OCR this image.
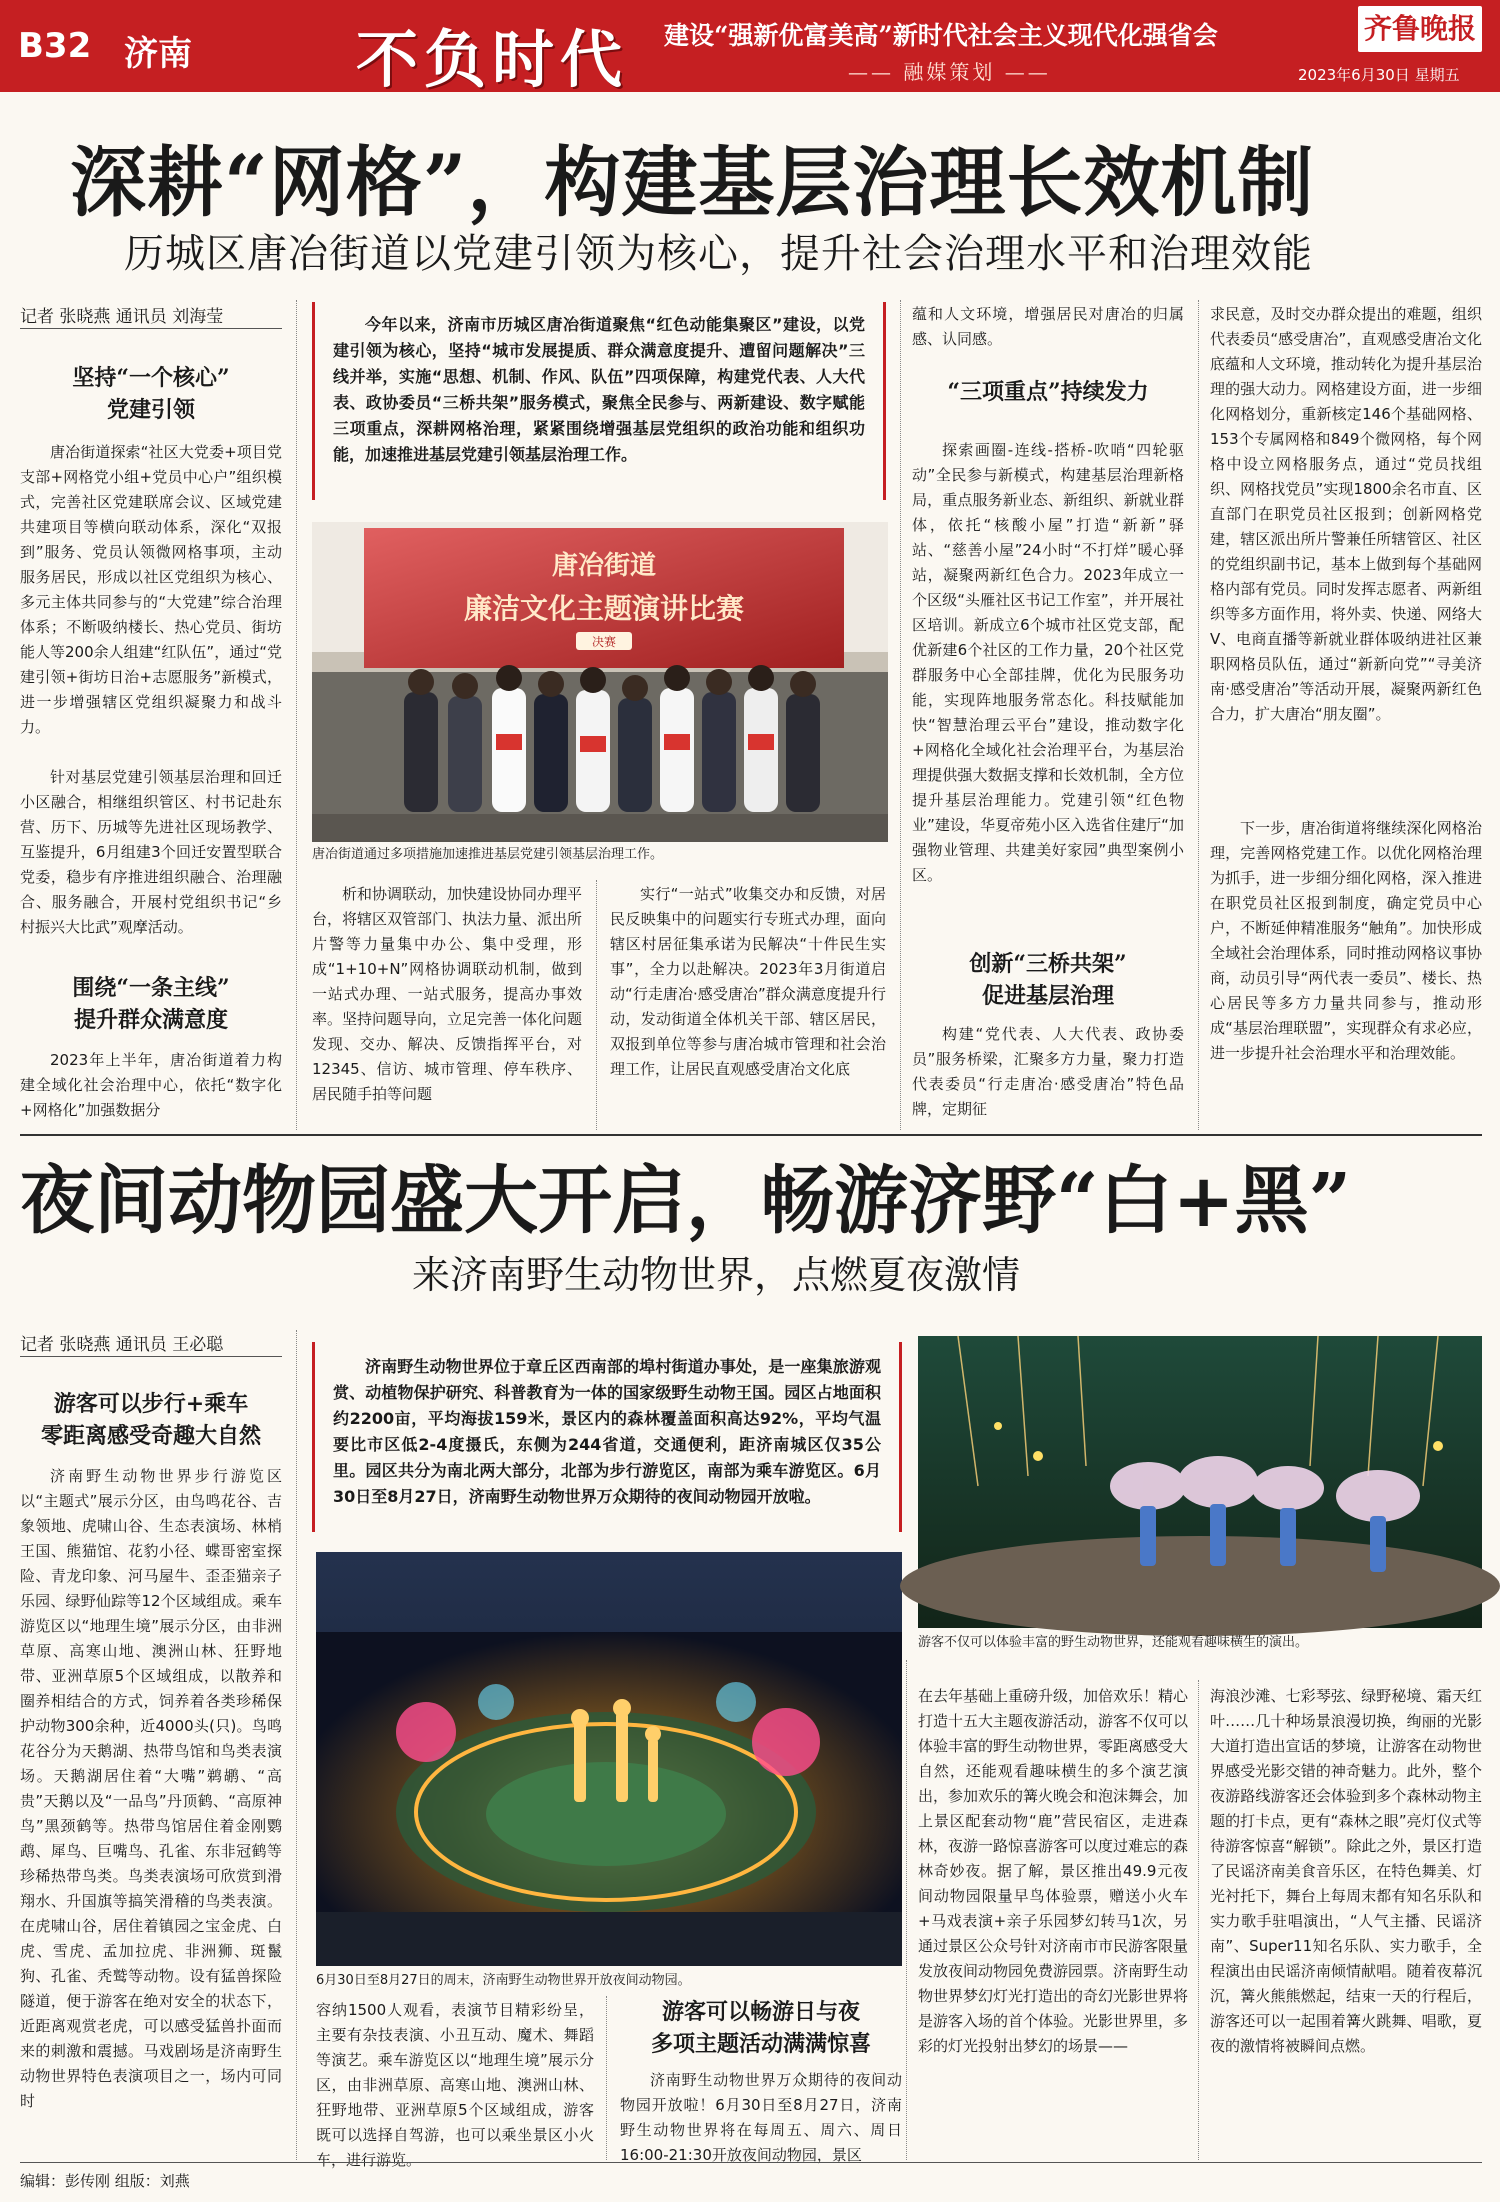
B32 济南	不负时代 建设“强新优富美高”新时代社会主义现代化强省会
—— 融媒策划 ——
齐鲁晚报
2023年6月30日 星期五
深耕“网格”，构建基层治理长效机制
历城区唐冶街道以党建引领为核心，提升社会治理水平和治理效能
记者 张晓燕 通讯员 刘海莹
坚持“一个核心”
党建引领
唐冶街道探索“社区大党委+项目党支部+网格党小组+党员中心户”组织模式，完善社区党建联席会议、区域党建共建项目等横向联动体系，深化“双报到”服务、党员认领微网格事项，主动服务居民，形成以社区党组织为核心、多元主体共同参与的“大党建”综合治理体系；不断吸纳楼长、热心党员、街坊能人等200余人组建“红队伍”，通过“党建引领+街坊日治+志愿服务”新模式，进一步增强辖区党组织凝聚力和战斗力。
针对基层党建引领基层治理和回迁小区融合，相继组织管区、村书记赴东营、历下、历城等先进社区现场教学、互鉴提升，6月组建3个回迁安置型联合党委，稳步有序推进组织融合、治理融合、服务融合，开展村党组织书记“乡村振兴大比武”观摩活动。
围绕“一条主线”
提升群众满意度
2023年上半年，唐冶街道着力构建全域化社会治理中心，依托“数字化+网格化”加强数据分
今年以来，济南市历城区唐冶街道聚焦“红色动能集聚区”建设，以党建引领为核心，坚持“城市发展提质、群众满意度提升、遭留问题解决”三线并举，实施“思想、机制、作风、队伍”四项保障，构建党代表、人大代表、政协委员“三桥共架”服务模式，聚焦全民参与、两新建设、数字赋能三项重点，深耕网格治理，紧紧围绕增强基层党组织的政治功能和组织功能，加速推进基层党建引领基层治理工作。
唐冶街道
廉洁文化主题演讲比赛
决赛
唐冶街道通过多项措施加速推进基层党建引领基层治理工作。
析和协调联动，加快建设协同办理平台，将辖区双管部门、执法力量、派出所片警等力量集中办公、集中受理，形成“1+10+N”网格协调联动机制，做到一站式办理、一站式服务，提高办事效率。坚持问题导向，立足完善一体化问题发现、交办、解决、反馈指挥平台，对12345、信访、城市管理、停车秩序、居民随手拍等问题
实行“一站式”收集交办和反馈，对居民反映集中的问题实行专班式办理，面向辖区村居征集承诺为民解决“十件民生实事”，全力以赴解决。2023年3月街道启动“行走唐冶·感受唐冶”群众满意度提升行动，发动街道全体机关干部、辖区居民，双报到单位等参与唐冶城市管理和社会治理工作，让居民直观感受唐冶文化底
蕴和人文环境，增强居民对唐冶的归属感、认同感。
“三项重点”持续发力
探索画圈-连线-搭桥-吹哨“四轮驱动”全民参与新模式，构建基层治理新格局，重点服务新业态、新组织、新就业群体，依托“核酸小屋”打造“新新”驿站、“慈善小屋”24小时“不打烊”暖心驿站，凝聚两新红色合力。2023年成立一个区级“头雁社区书记工作室”，并开展社区培训。新成立6个城市社区党支部，配优新建6个社区的工作力量，20个社区党群服务中心全部挂牌，优化为民服务功能，实现阵地服务常态化。科技赋能加快“智慧治理云平台”建设，推动数字化+网格化全域化社会治理平台，为基层治理提供强大数据支撑和长效机制，全方位提升基层治理能力。党建引领“红色物业”建设，华夏帝苑小区入选省住建厅“加强物业管理、共建美好家园”典型案例小区。
创新“三桥共架”
促进基层治理
构建“党代表、人大代表、政协委员”服务桥梁，汇聚多方力量，聚力打造代表委员“行走唐冶·感受唐冶”特色品牌，定期征
求民意，及时交办群众提出的难题，组织代表委员“感受唐冶”，直观感受唐冶文化底蕴和人文环境，推动转化为提升基层治理的强大动力。网格建设方面，进一步细化网格划分，重新核定146个基础网格、153个专属网格和849个微网格，每个网格中设立网格服务点，通过“党员找组织、网格找党员”实现1800余名市直、区直部门在职党员社区报到；创新网格党建，辖区派出所片警兼任所辖管区、社区的党组织副书记，基本上做到每个基础网格内部有党员。同时发挥志愿者、两新组织等多方面作用，将外卖、快递、网络大V、电商直播等新就业群体吸纳进社区兼职网格员队伍，通过“新新向党”“寻美济南·感受唐冶”等活动开展，凝聚两新红色合力，扩大唐冶“朋友圈”。
下一步，唐冶街道将继续深化网格治理，完善网格党建工作。以优化网格治理为抓手，进一步细分细化网格，深入推进在职党员社区报到制度，确定党员中心户，不断延伸精准服务“触角”。加快形成全域社会治理体系，同时推动网格议事协商，动员引导“两代表一委员”、楼长、热心居民等多方力量共同参与，推动形成“基层治理联盟”，实现群众有求必应，进一步提升社会治理水平和治理效能。
夜间动物园盛大开启，畅游济野“白+黑”
来济南野生动物世界，点燃夏夜激情
记者 张晓燕 通讯员 王必聪
游客可以步行+乘车
零距离感受奇趣大自然
济南野生动物世界步行游览区以“主题式”展示分区，由鸟鸣花谷、吉象领地、虎啸山谷、生态表演场、林梢王国、熊猫馆、花豹小径、蝶哥密室探险、青龙印象、河马屋牛、歪歪猫亲子乐园、绿野仙踪等12个区域组成。乘车游览区以“地理生境”展示分区，由非洲草原、高寒山地、澳洲山林、狂野地带、亚洲草原5个区域组成，以散养和圈养相结合的方式，饲养着各类珍稀保护动物300余种，近4000头(只)。鸟鸣花谷分为天鹅湖、热带鸟馆和鸟类表演场。天鹅湖居住着“大嘴”鹈鹕、“高贵”天鹅以及“一品鸟”丹顶鹤、“高原神鸟”黑颈鹤等。热带鸟馆居住着金刚鹦鹉、犀鸟、巨嘴鸟、孔雀、东非冠鹤等珍稀热带鸟类。鸟类表演场可欣赏到滑翔水、升国旗等搞笑滑稽的鸟类表演。在虎啸山谷，居住着镇园之宝金虎、白虎、雪虎、孟加拉虎、非洲狮、斑鬣狗、孔雀、秃鹫等动物。设有猛兽探险隧道，便于游客在绝对安全的状态下，近距离观赏老虎，可以感受猛兽扑面而来的刺激和震撼。马戏剧场是济南野生动物世界特色表演项目之一，场内可同时
济南野生动物世界位于章丘区西南部的埠村街道办事处，是一座集旅游观赏、动植物保护研究、科普教育为一体的国家级野生动物王国。园区占地面积约2200亩，平均海拔159米，景区内的森林覆盖面积高达92%，平均气温要比市区低2-4度摄氏，东侧为244省道，交通便利，距济南城区仅35公里。园区共分为南北两大部分，北部为步行游览区，南部为乘车游览区。6月30日至8月27日，济南野生动物世界万众期待的夜间动物园开放啦。
6月30日至8月27日的周末，济南野生动物世界开放夜间动物园。
容纳1500人观看，表演节目精彩纷呈，主要有杂技表演、小丑互动、魔术、舞蹈等演艺。乘车游览区以“地理生境”展示分区，由非洲草原、高寒山地、澳洲山林、狂野地带、亚洲草原5个区域组成，游客既可以选择自驾游，也可以乘坐景区小火车，进行游览。
游客可以畅游日与夜
多项主题活动满满惊喜
济南野生动物世界万众期待的夜间动物园开放啦！6月30日至8月27日，济南野生动物世界将在每周五、周六、周日16:00-21:30开放夜间动物园，景区
游客不仅可以体验丰富的野生动物世界，还能观看趣味横生的演出。
在去年基础上重磅升级，加倍欢乐！精心打造十五大主题夜游活动，游客不仅可以体验丰富的野生动物世界，零距离感受大自然，还能观看趣味横生的多个演艺演出，参加欢乐的篝火晚会和泡沫舞会，加上景区配套动物“鹿”营民宿区，走进森林，夜游一路惊喜游客可以度过难忘的森林奇妙夜。据了解，景区推出49.9元夜间动物园限量早鸟体验票，赠送小火车+马戏表演+亲子乐园梦幻转马1次，另通过景区公众号针对济南市市民游客限量发放夜间动物园免费游园票。济南野生动物世界梦幻灯光打造出的奇幻光影世界将是游客入场的首个体验。光影世界里，多彩的灯光投射出梦幻的场景——
海浪沙滩、七彩琴弦、绿野秘境、霜天红叶……几十种场景浪漫切换，绚丽的光影大道打造出宣话的梦境，让游客在动物世界感受光影交错的神奇魅力。此外，整个夜游路线游客还会体验到多个森林动物主题的打卡点，更有“森林之眼”亮灯仪式等待游客惊喜“解锁”。除此之外，景区打造了民谣济南美食音乐区，在特色舞美、灯光衬托下，舞台上每周末都有知名乐队和实力歌手驻唱演出，“人气主播、民谣济南”、Super11知名乐队、实力歌手，全程演出由民谣济南倾情献唱。随着夜幕沉沉，篝火熊熊燃起，结束一天的行程后，游客还可以一起围着篝火跳舞、唱歌，夏夜的激情将被瞬间点燃。
编辑：彭传刚 组版：刘燕
